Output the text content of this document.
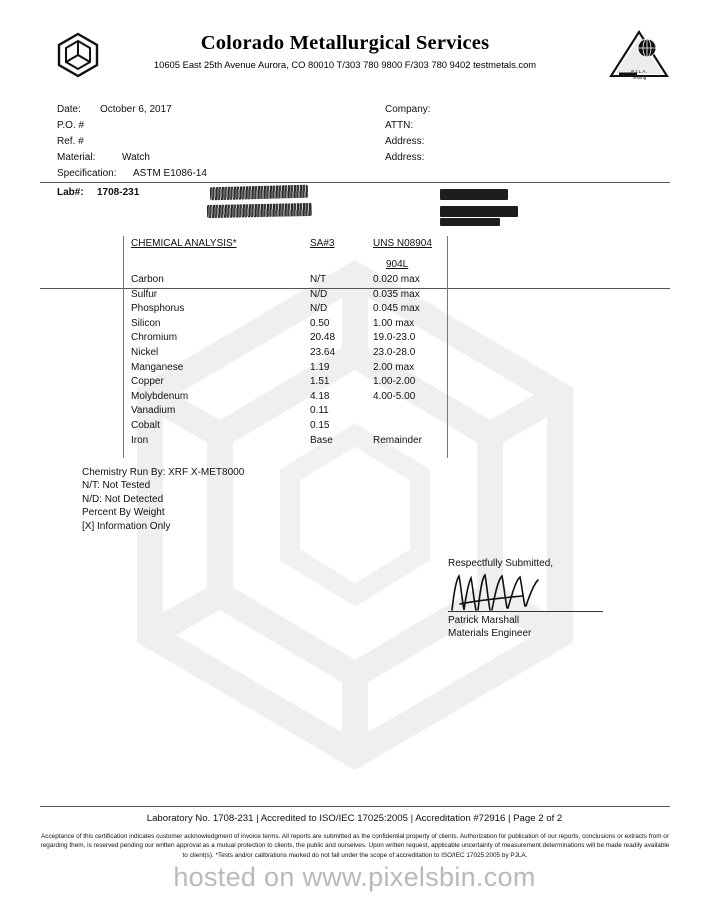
Colorado Metallurgical Services
10605 East 25th Avenue Aurora, CO 80010 T/303 780 9800 F/303 780 9402 testmetals.com
P.J.L.A.
Testing
Date: October 6, 2017
P.O. #
Ref. #
Material:	Watch
Specification: ASTM E1086-14
Lab#: 1708-231
Company:
ATTN:
Address:
Address:
CHEMICAL ANALYSIS*	SA#3	UNS N08904
904L
Carbon	N/T	0.020 max
Sulfur	N/D	0.035 max
Phosphorus	N/D	0.045 max
Silicon	0.50	1.00 max
Chromium	20.48	19.0-23.0
Nickel	23.64	23.0-28.0
Manganese	1.19	2.00 max
Copper	1.51	1.00-2.00
Molybdenum	4.18	4.00-5.00
Vanadium	0.11
Cobalt	0.15
Iron	Base	Remainder
Chemistry Run By: XRF X-MET8000
N/T: Not Tested
N/D: Not Detected
Percent By Weight
[X] Information Only
Respectfully Submitted,
Patrick Marshall
Materials Engineer
Laboratory No. 1708-231 | Accredited to ISO/IEC 17025:2005 | Accreditation #72916 | Page 2 of 2
Acceptance of this certification indicates customer acknowledgment of invoice terms. All reports are submitted as the confidential property of clients. Authorization for publication of our reports, conclusions or extracts from or regarding them, is reserved pending our written approval as a mutual protection to clients, the public and ourselves. Upon written request, applicable uncertainty of measurement determinations will be made readily available to client(s). *Tests and/or calibrations marked do not fall under the scope of accreditation to ISO/IEC 17025:2005 by PJLA.
hosted on www.pixelsbin.com
